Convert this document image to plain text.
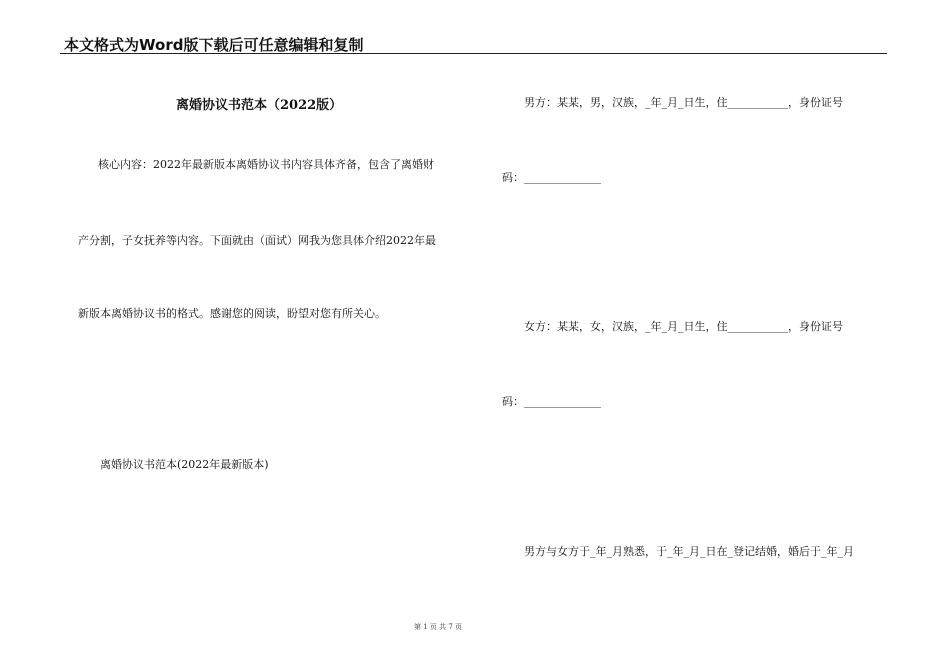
本文格式为Word版下载后可任意编辑和复制
离婚协议书范本（2022版）
核心内容：2022年最新版本离婚协议书内容具体齐备，包含了离婚财
产分割，子女抚养等内容。下面就由（面试）网我为您具体介绍2022年最
新版本离婚协议书的格式。感谢您的阅读，盼望对您有所关心。
离婚协议书范本(2022年最新版本)
男方：某某，男，汉族，_年_月_日生，住___________，身份证号
码：______________
女方：某某，女，汉族，_年_月_日生，住___________，身份证号
码：______________
男方与女方于_年_月熟悉，于_年_月_日在_登记结婚，婚后于_年_月
第 1 页 共 7 页
